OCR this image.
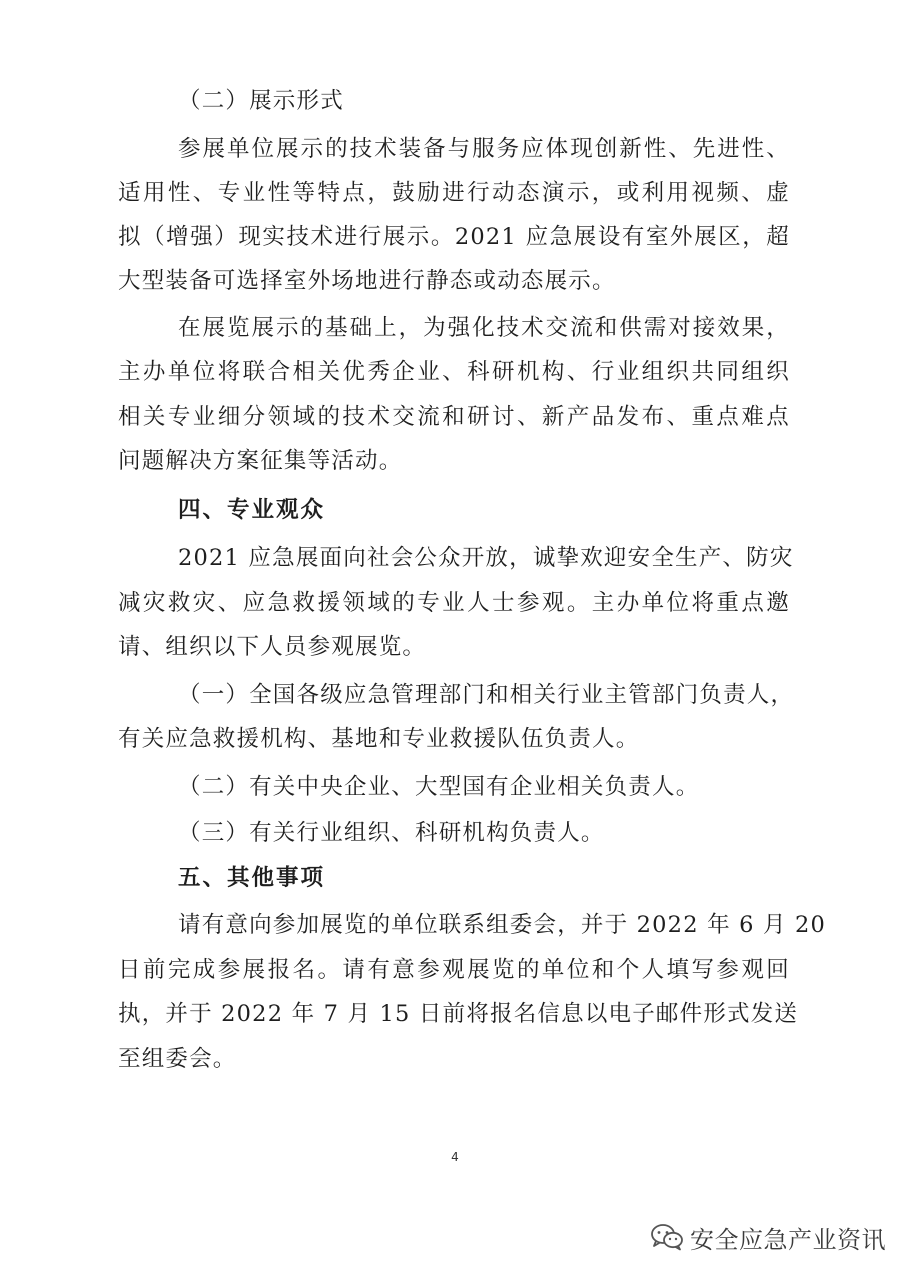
（二）展示形式
参展单位展示的技术装备与服务应体现创新性、先进性、
适用性、专业性等特点，鼓励进行动态演示，或利用视频、虚
拟（增强）现实技术进行展示。2021 应急展设有室外展区，超
大型装备可选择室外场地进行静态或动态展示。
在展览展示的基础上，为强化技术交流和供需对接效果，
主办单位将联合相关优秀企业、科研机构、行业组织共同组织
相关专业细分领域的技术交流和研讨、新产品发布、重点难点
问题解决方案征集等活动。
四、专业观众
2021 应急展面向社会公众开放，诚挚欢迎安全生产、防灾
减灾救灾、应急救援领域的专业人士参观。主办单位将重点邀
请、组织以下人员参观展览。
（一）全国各级应急管理部门和相关行业主管部门负责人，
有关应急救援机构、基地和专业救援队伍负责人。
（二）有关中央企业、大型国有企业相关负责人。
（三）有关行业组织、科研机构负责人。
五、其他事项
请有意向参加展览的单位联系组委会，并于 2022 年 6 月 20
日前完成参展报名。请有意参观展览的单位和个人填写参观回
执，并于 2022 年 7 月 15 日前将报名信息以电子邮件形式发送
至组委会。
4
安全应急产业资讯
